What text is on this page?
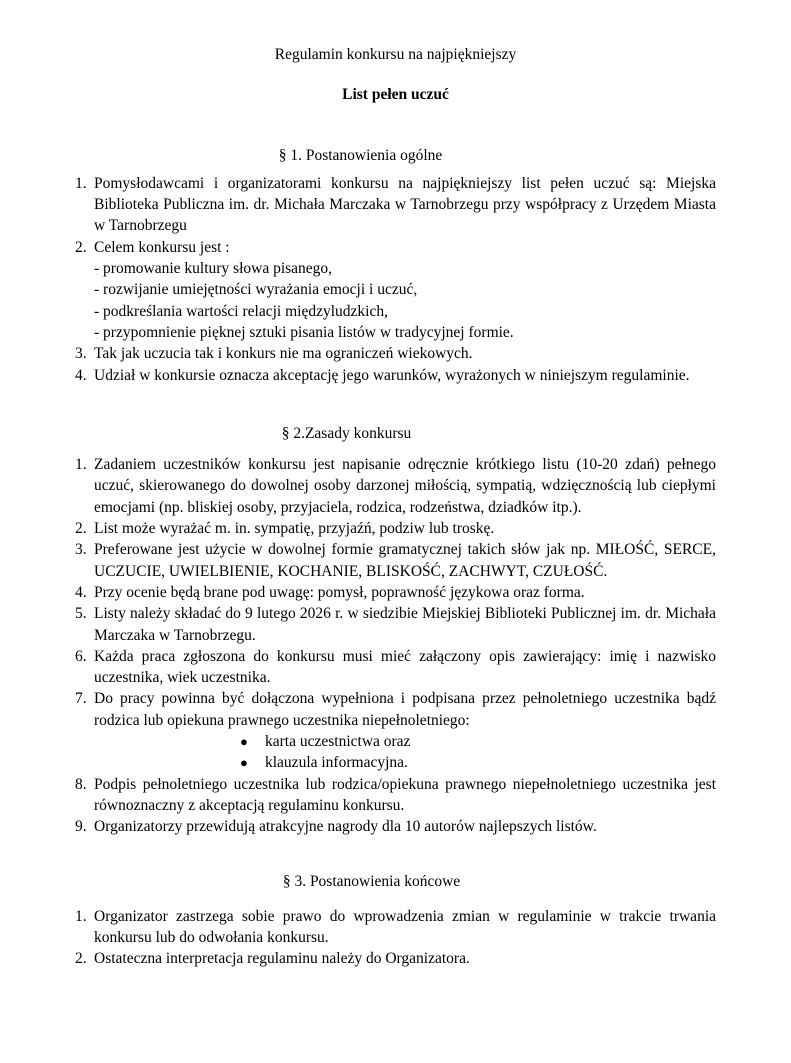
Regulamin konkursu na najpiękniejszy
List pełen uczuć
§ 1. Postanowienia ogólne
1. Pomysłodawcami i organizatorami konkursu na najpiękniejszy list pełen uczuć są: Miejska Biblioteka Publiczna im. dr. Michała Marczaka w Tarnobrzegu przy współpracy z Urzędem Miasta w Tarnobrzegu
2. Celem konkursu jest :
- promowanie kultury słowa pisanego,
- rozwijanie umiejętności wyrażania emocji i uczuć,
- podkreślania wartości relacji międzyludzkich,
- przypomnienie pięknej sztuki pisania listów w tradycyjnej formie.
3. Tak jak uczucia tak i konkurs nie ma ograniczeń wiekowych.
4. Udział w konkursie oznacza akceptację jego warunków, wyrażonych w niniejszym regulaminie.
§ 2.Zasady konkursu
1. Zadaniem uczestników konkursu jest napisanie odręcznie krótkiego listu (10-20 zdań) pełnego uczuć, skierowanego do dowolnej osoby darzonej miłością, sympatią, wdzięcznością lub ciepłymi emocjami (np. bliskiej osoby, przyjaciela, rodzica, rodzeństwa, dziadków itp.).
2. List może wyrażać m. in. sympatię, przyjaźń, podziw lub troskę.
3. Preferowane jest użycie w dowolnej formie gramatycznej takich słów jak np. MIŁOŚĆ, SERCE, UCZUCIE, UWIELBIENIE, KOCHANIE, BLISKOŚĆ, ZACHWYT, CZUŁOŚĆ.
4. Przy ocenie będą brane pod uwagę: pomysł, poprawność językowa oraz forma.
5. Listy należy składać do 9 lutego 2026 r. w siedzibie Miejskiej Biblioteki Publicznej im. dr. Michała Marczaka w Tarnobrzegu.
6. Każda praca zgłoszona do konkursu musi mieć załączony opis zawierający: imię i nazwisko uczestnika, wiek uczestnika.
7. Do pracy powinna być dołączona wypełniona i podpisana przez pełnoletniego uczestnika bądź rodzica lub opiekuna prawnego uczestnika niepełnoletniego:
● karta uczestnictwa oraz
● klauzula informacyjna.
8. Podpis pełnoletniego uczestnika lub rodzica/opiekuna prawnego niepełnoletniego uczestnika jest równoznaczny z akceptacją regulaminu konkursu.
9. Organizatorzy przewidują atrakcyjne nagrody dla 10 autorów najlepszych listów.
§ 3. Postanowienia końcowe
1. Organizator zastrzega sobie prawo do wprowadzenia zmian w regulaminie w trakcie trwania konkursu lub do odwołania konkursu.
2. Ostateczna interpretacja regulaminu należy do Organizatora.
